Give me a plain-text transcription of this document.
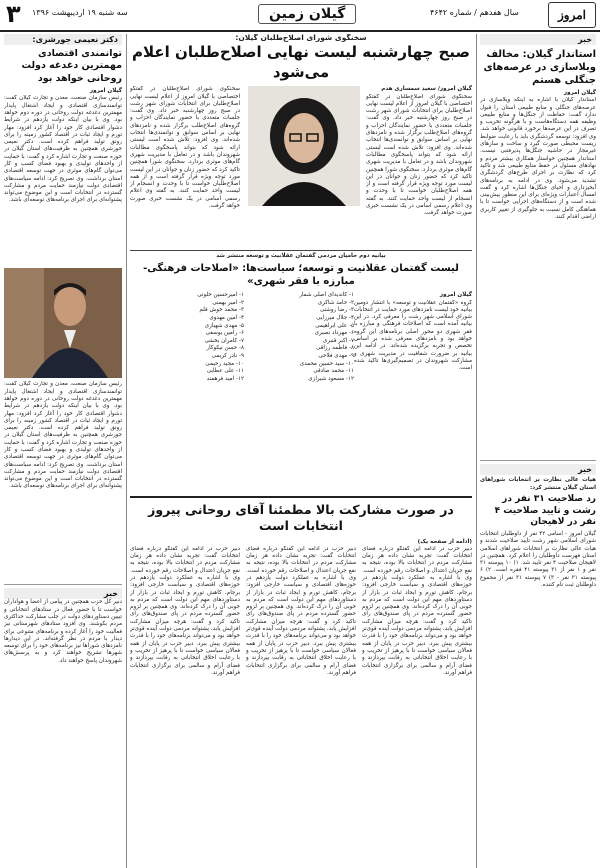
۳ سه شنبه ۱۹ اردیبهشت ۱۳۹۶	گیلان زمین	سال هفدهم / شماره ۴۶۴۲	امروز
خبر
استاندار گیلان: مخالف ویلاسازی در عرصه‌های جنگلی هستم
گیلان امروز
استاندار گیلان با اشاره به اینکه ویلاسازی در عرصه‌های جنگلی و منابع طبیعی استان را قبول ندارد گفت: حفاظت از جنگل‌ها و منابع طبیعی وظیفه همه دستگاه‌هاست و با هرگونه تخریب و تصرف در این عرصه‌ها برخورد قانونی خواهد شد. وی افزود: توسعه گردشگری باید با رعایت ضوابط زیست محیطی صورت گیرد و ساخت و سازهای غیرمجاز در حاشیه جنگل‌ها پذیرفتنی نیست. استاندار همچنین خواستار همکاری بیشتر مردم و نهادهای مسئول در حفظ منابع طبیعی شد و تاکید کرد که نظارت بر اجرای طرح‌های گردشگری تشدید می‌شود. وی در ادامه به برنامه‌های آبخیزداری و احیای جنگل‌ها اشاره کرد و گفت امسال اعتبارات ویژه‌ای برای این منظور پیش‌بینی شده است و از دستگاه‌های اجرایی خواست تا با هماهنگی کامل نسبت به جلوگیری از تغییر کاربری اراضی اقدام کنند.
خبر
هیات عالی نظارت بر انتخابات شوراهای استان گیلان منتشر کرد:
رد صلاحیت ۳۱ نفر در رشت و تایید صلاحیت ۴ نفر در لاهیجان
گیلان امروز - اسامی ۴۲ نفر از داوطلبان انتخابات شورای اسلامی شهر رشت تایید صلاحیت شدند و هیات عالی نظارت بر انتخابات شوراهای اسلامی استان فهرست داوطلبان را اعلام کرد. همچنین در لاهیجان صلاحیت ۴ نفر تایید شد. ۱) ۱۰ پیوسته ۳۱ نفر و ۱ نفر از ۳۱ پیوسته ۴۱ فقره است. ۲) ۶ پیوسته ۳۱ نفر - ۳) ۷ پیوسته ۳۱ نفر از مجموع داوطلبان ثبت نام کننده.
سخنگوی شورای اصلاح‌طلبان گیلان:
صبح چهارشنبه لیست نهایی اصلاح‌طلبان اعلام می‌شود
گیلان امروز/ سعید سمساری هدم
سخنگوی شورای اصلاح‌طلبان در گفتگو اختصاصی با گیلان امروز از اعلام لیست نهایی اصلاح‌طلبان برای انتخابات شورای شهر رشت در صبح روز چهارشنبه خبر داد. وی گفت: جلسات متعددی با حضور نمایندگان احزاب و گروه‌های اصلاح‌طلب برگزار شده و نامزدهای نهایی بر اساس سوابق و توانمندی‌ها انتخاب شده‌اند. وی افزود: تلاش شده است لیستی ارائه شود که بتواند پاسخگوی مطالبات شهروندان باشد و در تعامل با مدیریت شهری گام‌های موثری بردارد. سخنگوی شورا همچنین تاکید کرد که حضور زنان و جوانان در این لیست مورد توجه ویژه قرار گرفته است و از همه اصلاح‌طلبان خواست تا با وحدت و انسجام از لیست واحد حمایت کنند. به گفته وی اعلام رسمی اسامی در یک نشست خبری صورت خواهد گرفت.
سخنگوی شورای اصلاح‌طلبان در گفتگو اختصاصی با گیلان امروز از اعلام لیست نهایی اصلاح‌طلبان برای انتخابات شورای شهر رشت در صبح روز چهارشنبه خبر داد. وی گفت: جلسات متعددی با حضور نمایندگان احزاب و گروه‌های اصلاح‌طلب برگزار شده و نامزدهای نهایی بر اساس سوابق و توانمندی‌ها انتخاب شده‌اند. وی افزود: تلاش شده است لیستی ارائه شود که بتواند پاسخگوی مطالبات شهروندان باشد و در تعامل با مدیریت شهری گام‌های موثری بردارد. سخنگوی شورا همچنین تاکید کرد که حضور زنان و جوانان در این لیست مورد توجه ویژه قرار گرفته است و از همه اصلاح‌طلبان خواست تا با وحدت و انسجام از لیست واحد حمایت کنند. به گفته وی اعلام رسمی اسامی در یک نشست خبری صورت خواهد گرفت.
بیانیه دوم حامیان مردمی گفتمان عقلانیت و توسعه منتشر شد
لیست گفتمان عقلانیت و توسعه؛ سیاست‌ها: «اصلاحات فرهنگی- مبارزه با فقر شهری»
گیلان امروز
گروه «گفتمان عقلانیت و توسعه» با انتشار دومین بیانیه خود لیست نامزدهای مورد حمایت در انتخابات شورای اسلامی شهر رشت را معرفی کرد. در این بیانیه آمده است که اصلاحات فرهنگی و مبارزه با فقر شهری دو محور اصلی برنامه‌های این گروه خواهد بود و نامزدهای معرفی شده بر اساس تخصص و تجربه برگزیده شده‌اند. در ادامه این بیانیه بر ضرورت شفافیت در مدیریت شهری و مشارکت شهروندان در تصمیم‌گیری‌ها تاکید شده است.
۱- کاندیدای اصلی شمار
۲- حامد شاکری
۳- رضا روشنی
۴- جلال میرزایی
۵- علی ابراهیمی
۶- مهرداد نصیری
۷- اکبر قنبری
۸- فاطمه رزاقی
۹- مهدی فلاحی
۱۰- سید حسین محمدی
۱۱- محمد صادقی
۱۲- مسعود شیرازی
۱- امیرحسین خلوتی
۲- امیر بهمنی
۳- محمد خوش قلم
۴- امین مهدوی
۵- مهدی شهبازی
۶- رامین یوسفی
۷- کامران بخشی
۸- حسن نیکوکار
۹- نادر کریمی
۱۰- مجید رحیمی
۱۱- علی عطایی
۱۲- امید فرهمند
در صورت مشارکت بالا مطمئنا آقای روحانی پیروز انتخابات است
(ادامه از صفحه یک)
دبیر حزب در ادامه این گفتگو درباره فضای انتخابات گفت: تجربه نشان داده هر زمان مشارکت مردم در انتخابات بالا بوده، نتیجه به نفع جریان اعتدال و اصلاحات رقم خورده است. وی با اشاره به عملکرد دولت یازدهم در حوزه‌های اقتصادی و سیاست خارجی افزود: برجام، کاهش تورم و ایجاد ثبات در بازار از دستاوردهای مهم این دولت است که مردم به خوبی آن را درک کرده‌اند. وی همچنین بر لزوم حضور گسترده مردم در پای صندوق‌های رای تاکید کرد و گفت: هرچه میزان مشارکت افزایش یابد، پشتوانه مردمی دولت آینده قوی‌تر خواهد بود و می‌تواند برنامه‌های خود را با قدرت بیشتری پیش ببرد. دبیر حزب در پایان از همه فعالان سیاسی خواست تا با پرهیز از تخریب و با رعایت اخلاق انتخاباتی به رقابت بپردازند و فضای آرام و سالمی برای برگزاری انتخابات فراهم آورند.
دبیر حزب در ادامه این گفتگو درباره فضای انتخابات گفت: تجربه نشان داده هر زمان مشارکت مردم در انتخابات بالا بوده، نتیجه به نفع جریان اعتدال و اصلاحات رقم خورده است. وی با اشاره به عملکرد دولت یازدهم در حوزه‌های اقتصادی و سیاست خارجی افزود: برجام، کاهش تورم و ایجاد ثبات در بازار از دستاوردهای مهم این دولت است که مردم به خوبی آن را درک کرده‌اند. وی همچنین بر لزوم حضور گسترده مردم در پای صندوق‌های رای تاکید کرد و گفت: هرچه میزان مشارکت افزایش یابد، پشتوانه مردمی دولت آینده قوی‌تر خواهد بود و می‌تواند برنامه‌های خود را با قدرت بیشتری پیش ببرد. دبیر حزب در پایان از همه فعالان سیاسی خواست تا با پرهیز از تخریب و با رعایت اخلاق انتخاباتی به رقابت بپردازند و فضای آرام و سالمی برای برگزاری انتخابات فراهم آورند.
دبیر حزب در ادامه این گفتگو درباره فضای انتخابات گفت: تجربه نشان داده هر زمان مشارکت مردم در انتخابات بالا بوده، نتیجه به نفع جریان اعتدال و اصلاحات رقم خورده است. وی با اشاره به عملکرد دولت یازدهم در حوزه‌های اقتصادی و سیاست خارجی افزود: برجام، کاهش تورم و ایجاد ثبات در بازار از دستاوردهای مهم این دولت است که مردم به خوبی آن را درک کرده‌اند. وی همچنین بر لزوم حضور گسترده مردم در پای صندوق‌های رای تاکید کرد و گفت: هرچه میزان مشارکت افزایش یابد، پشتوانه مردمی دولت آینده قوی‌تر خواهد بود و می‌تواند برنامه‌های خود را با قدرت بیشتری پیش ببرد. دبیر حزب در پایان از همه فعالان سیاسی خواست تا با پرهیز از تخریب و با رعایت اخلاق انتخاباتی به رقابت بپردازند و فضای آرام و سالمی برای برگزاری انتخابات فراهم آورند.
دکتر نعیمی جورشری:
توانمندی اقتصادی مهمترین دغدغه دولت روحانی خواهد بود
گیلان امروز
رئیس سازمان صنعت، معدن و تجارت گیلان گفت: توانمندسازی اقتصادی و ایجاد اشتغال پایدار مهمترین دغدغه دولت روحانی در دوره دوم خواهد بود. وی با بیان اینکه دولت یازدهم در شرایط دشوار اقتصادی کار خود را آغاز کرد افزود: مهار تورم و ایجاد ثبات در اقتصاد کشور زمینه را برای رونق تولید فراهم کرده است. دکتر نعیمی جورشری همچنین به ظرفیت‌های استان گیلان در حوزه صنعت و تجارت اشاره کرد و گفت: با حمایت از واحدهای تولیدی و بهبود فضای کسب و کار می‌توان گام‌های موثری در جهت توسعه اقتصادی استان برداشت. وی تصریح کرد: ادامه سیاست‌های اقتصادی دولت نیازمند حمایت مردم و مشارکت گسترده در انتخابات است و این موضوع می‌تواند پشتوانه‌ای برای اجرای برنامه‌های توسعه‌ای باشد.
رئیس سازمان صنعت، معدن و تجارت گیلان گفت: توانمندسازی اقتصادی و ایجاد اشتغال پایدار مهمترین دغدغه دولت روحانی در دوره دوم خواهد بود. وی با بیان اینکه دولت یازدهم در شرایط دشوار اقتصادی کار خود را آغاز کرد افزود: مهار تورم و ایجاد ثبات در اقتصاد کشور زمینه را برای رونق تولید فراهم کرده است. دکتر نعیمی جورشری همچنین به ظرفیت‌های استان گیلان در حوزه صنعت و تجارت اشاره کرد و گفت: با حمایت از واحدهای تولیدی و بهبود فضای کسب و کار می‌توان گام‌های موثری در جهت توسعه اقتصادی استان برداشت. وی تصریح کرد: ادامه سیاست‌های اقتصادی دولت نیازمند حمایت مردم و مشارکت گسترده در انتخابات است و این موضوع می‌تواند پشتوانه‌ای برای اجرای برنامه‌های توسعه‌ای باشد.
خبر
دبیر کل حزب همچنین در پیامی از اعضا و هواداران خواست تا با حضور فعال در ستادهای انتخاباتی و تبیین دستاوردهای دولت در جلب مشارکت حداکثری مردم بکوشند. وی افزود ستادهای شهرستانی نیز فعالیت خود را آغاز کرده و برنامه‌های متنوعی برای دیدار با مردم در نظر گرفته‌اند. در این دیدارها نامزدهای شوراها نیز برنامه‌های خود را برای توسعه شهرها تشریح خواهند کرد و به پرسش‌های شهروندان پاسخ خواهند داد.
